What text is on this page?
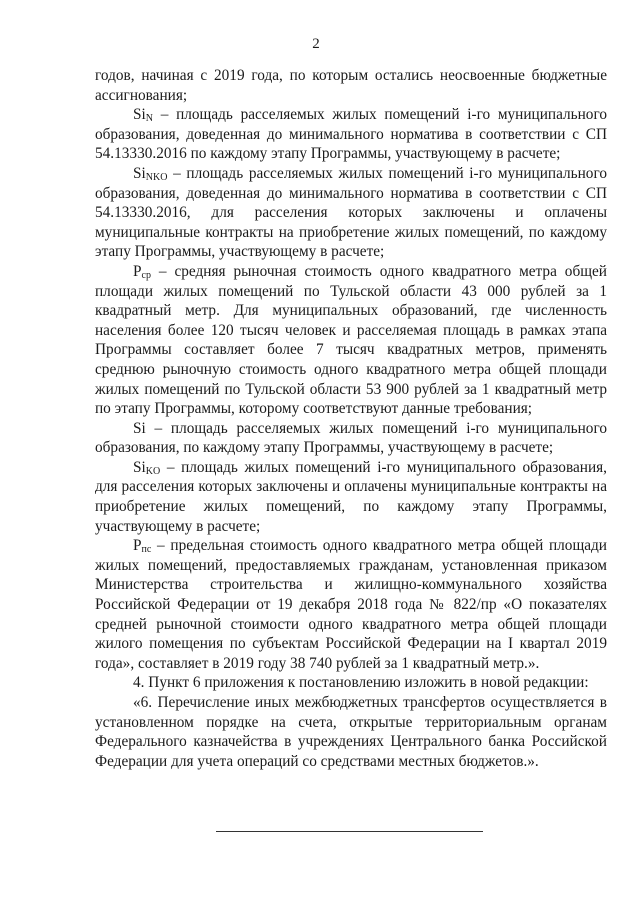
2

годов, начиная с 2019 года, по которым остались неосвоенные бюджетные ассигнования;

$Si_N$ – площадь расселяемых жилых помещений i-го муниципального образования, доведенная до минимального норматива в соответствии с СП 54.13330.2016 по каждому этапу Программы, участвующему в расчете;

$Si_{NKO}$ – площадь расселяемых жилых помещений i-го муниципального образования, доведенная до минимального норматива в соответствии с СП 54.13330.2016, для расселения которых заключены и оплачены муниципальные контракты на приобретение жилых помещений, по каждому этапу Программы, участвующему в расчете;

$P_{ср}$ – средняя рыночная стоимость одного квадратного метра общей площади жилых помещений по Тульской области 43 000 рублей за 1 квадратный метр. Для муниципальных образований, где численность населения более 120 тысяч человек и расселяемая площадь в рамках этапа Программы составляет более 7 тысяч квадратных метров, применять среднюю рыночную стоимость одного квадратного метра общей площади жилых помещений по Тульской области 53 900 рублей за 1 квадратный метр по этапу Программы, которому соответствуют данные требования;

Si – площадь расселяемых жилых помещений i-го муниципального образования, по каждому этапу Программы, участвующему в расчете;

$Si_{KO}$ – площадь жилых помещений i-го муниципального образования, для расселения которых заключены и оплачены муниципальные контракты на приобретение жилых помещений, по каждому этапу Программы, участвующему в расчете;

$P_{пс}$ – предельная стоимость одного квадратного метра общей площади жилых помещений, предоставляемых гражданам, установленная приказом Министерства строительства и жилищно-коммунального хозяйства Российской Федерации от 19 декабря 2018 года № 822/пр «О показателях средней рыночной стоимости одного квадратного метра общей площади жилого помещения по субъектам Российской Федерации на I квартал 2019 года», составляет в 2019 году 38 740 рублей за 1 квадратный метр.».

4. Пункт 6 приложения к постановлению изложить в новой редакции:

«6. Перечисление иных межбюджетных трансфертов осуществляется в установленном порядке на счета, открытые территориальным органам Федерального казначейства в учреждениях Центрального банка Российской Федерации для учета операций со средствами местных бюджетов.».
